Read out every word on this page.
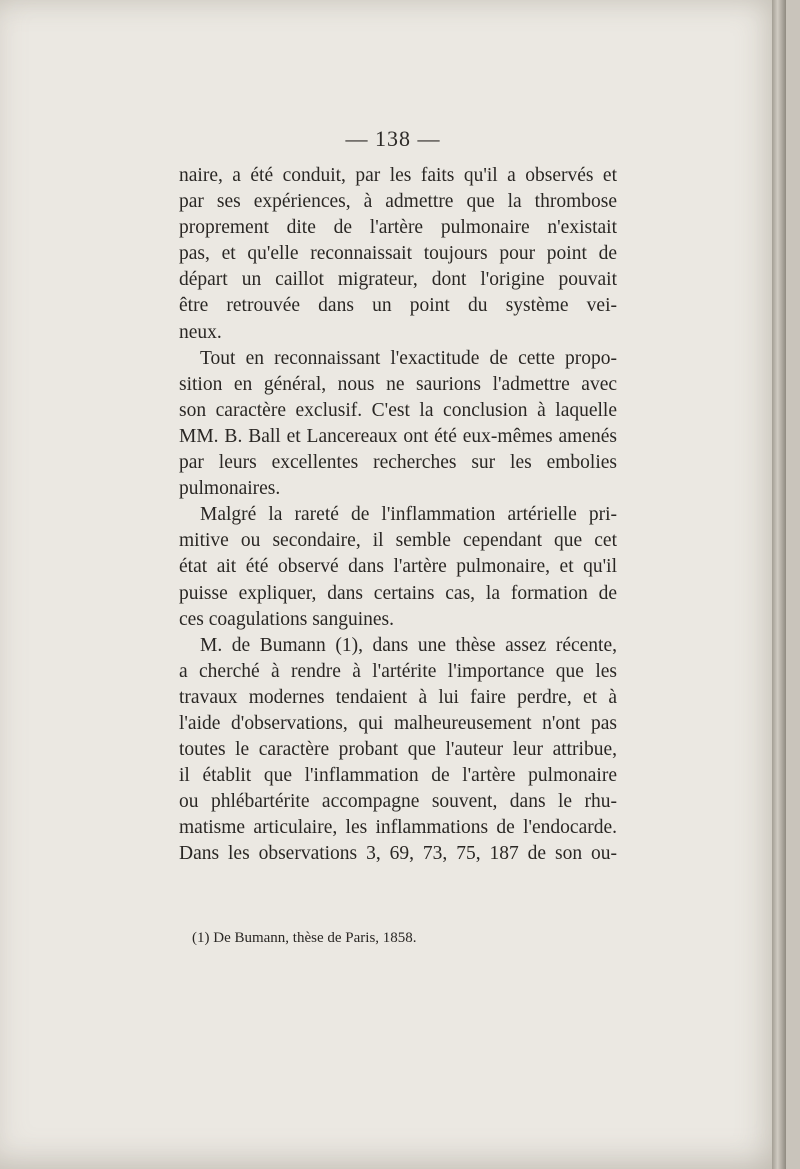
— 138 —
naire, a été conduit, par les faits qu'il a observés et
par ses expériences, à admettre que la thrombose
proprement dite de l'artère pulmonaire n'existait
pas, et qu'elle reconnaissait toujours pour point de
départ un caillot migrateur, dont l'origine pouvait
être retrouvée dans un point du système vei-
neux.
Tout en reconnaissant l'exactitude de cette propo-
sition en général, nous ne saurions l'admettre avec
son caractère exclusif. C'est la conclusion à laquelle
MM. B. Ball et Lancereaux ont été eux-mêmes amenés
par leurs excellentes recherches sur les embolies
pulmonaires.
Malgré la rareté de l'inflammation artérielle pri-
mitive ou secondaire, il semble cependant que cet
état ait été observé dans l'artère pulmonaire, et qu'il
puisse expliquer, dans certains cas, la formation de
ces coagulations sanguines.
M. de Bumann (1), dans une thèse assez récente,
a cherché à rendre à l'artérite l'importance que les
travaux modernes tendaient à lui faire perdre, et à
l'aide d'observations, qui malheureusement n'ont pas
toutes le caractère probant que l'auteur leur attribue,
il établit que l'inflammation de l'artère pulmonaire
ou phlébartérite accompagne souvent, dans le rhu-
matisme articulaire, les inflammations de l'endocarde.
Dans les observations 3, 69, 73, 75, 187 de son ou-
(1) De Bumann, thèse de Paris, 1858.
